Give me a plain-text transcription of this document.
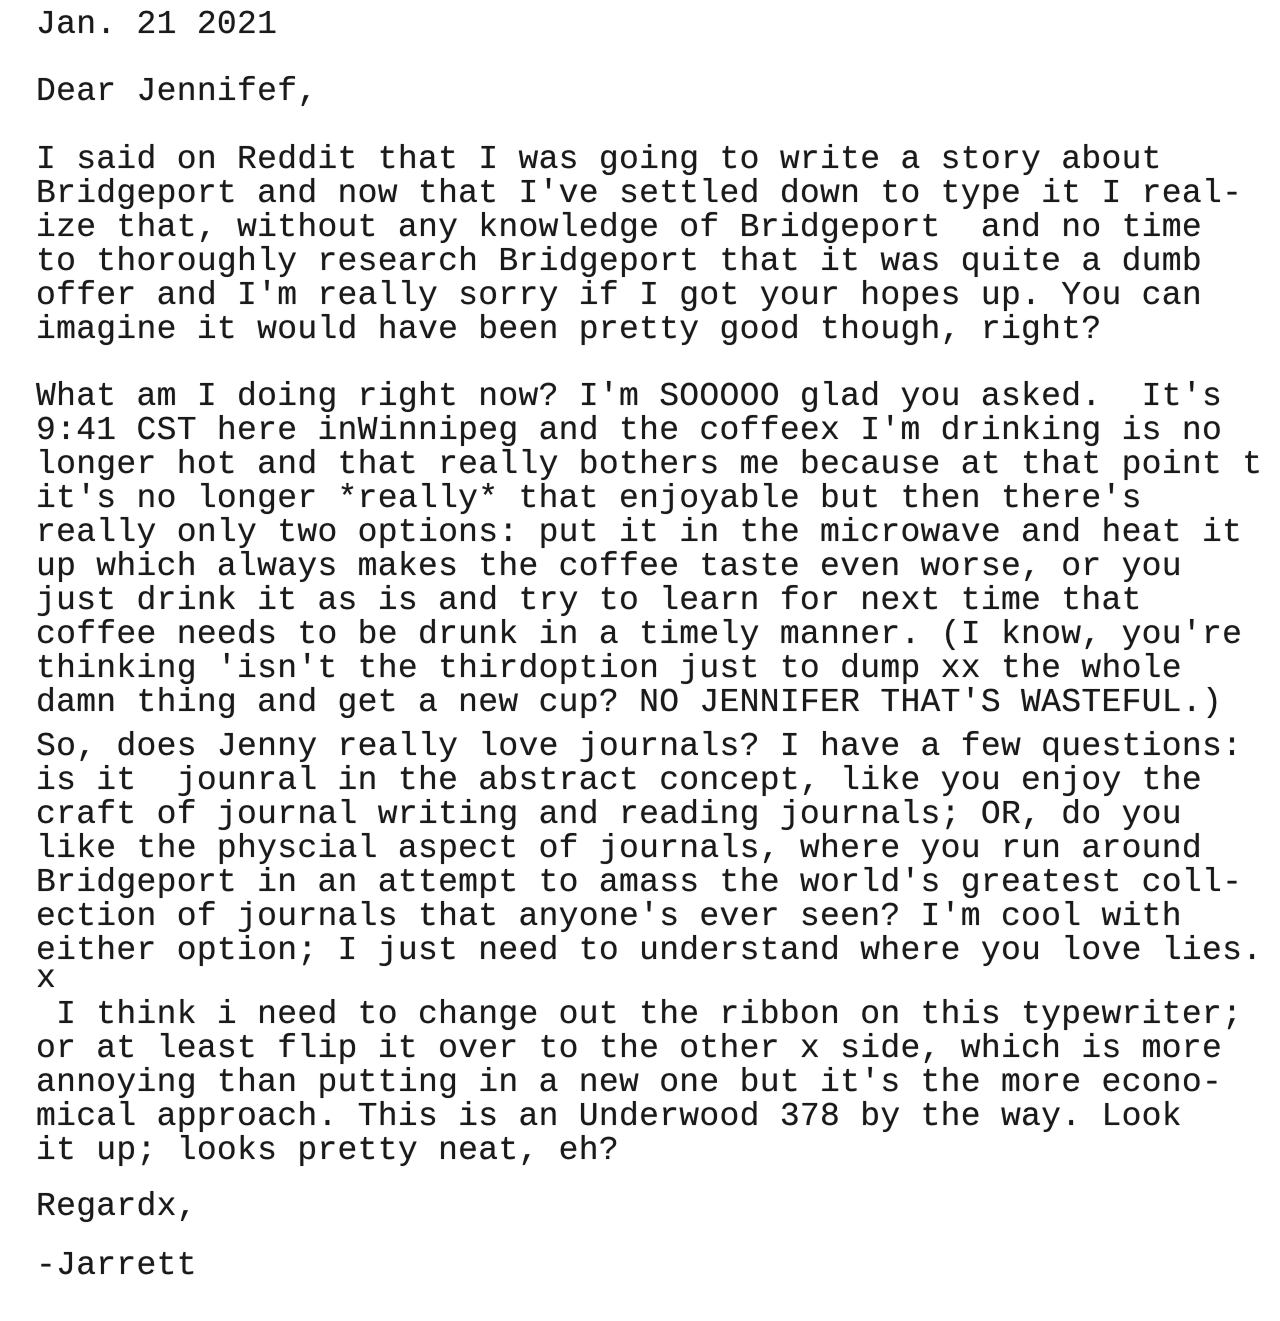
Jan. 21 2021
Dear Jennifef,
I said on Reddit that I was going to write a story about
Bridgeport and now that I've settled down to type it I real-
ize that, without any knowledge of Bridgeport  and no time
to thoroughly research Bridgeport that it was quite a dumb
offer and I'm really sorry if I got your hopes up. You can
imagine it would have been pretty good though, right?
What am I doing right now? I'm SOOOOO glad you asked.  It's
9:41 CST here inWinnipeg and the coffeex I'm drinking is no
longer hot and that really bothers me because at that point t
it's no longer *really* that enjoyable but then there's
really only two options: put it in the microwave and heat it
up which always makes the coffee taste even worse, or you
just drink it as is and try to learn for next time that
coffee needs to be drunk in a timely manner. (I know, you're
thinking 'isn't the thirdoption just to dump xx the whole
damn thing and get a new cup? NO JENNIFER THAT'S WASTEFUL.)
So, does Jenny really love journals? I have a few questions:
is it  jounral in the abstract concept, like you enjoy the
craft of journal writing and reading journals; OR, do you
like the physcial aspect of journals, where you run around
Bridgeport in an attempt to amass the world's greatest coll-
ection of journals that anyone's ever seen? I'm cool with
either option; I just need to understand where you love lies.
x
I think i need to change out the ribbon on this typewriter;
or at least flip it over to the other x side, which is more
annoying than putting in a new one but it's the more econo-
mical approach. This is an Underwood 378 by the way. Look
it up; looks pretty neat, eh?
Regardx,
-Jarrett
